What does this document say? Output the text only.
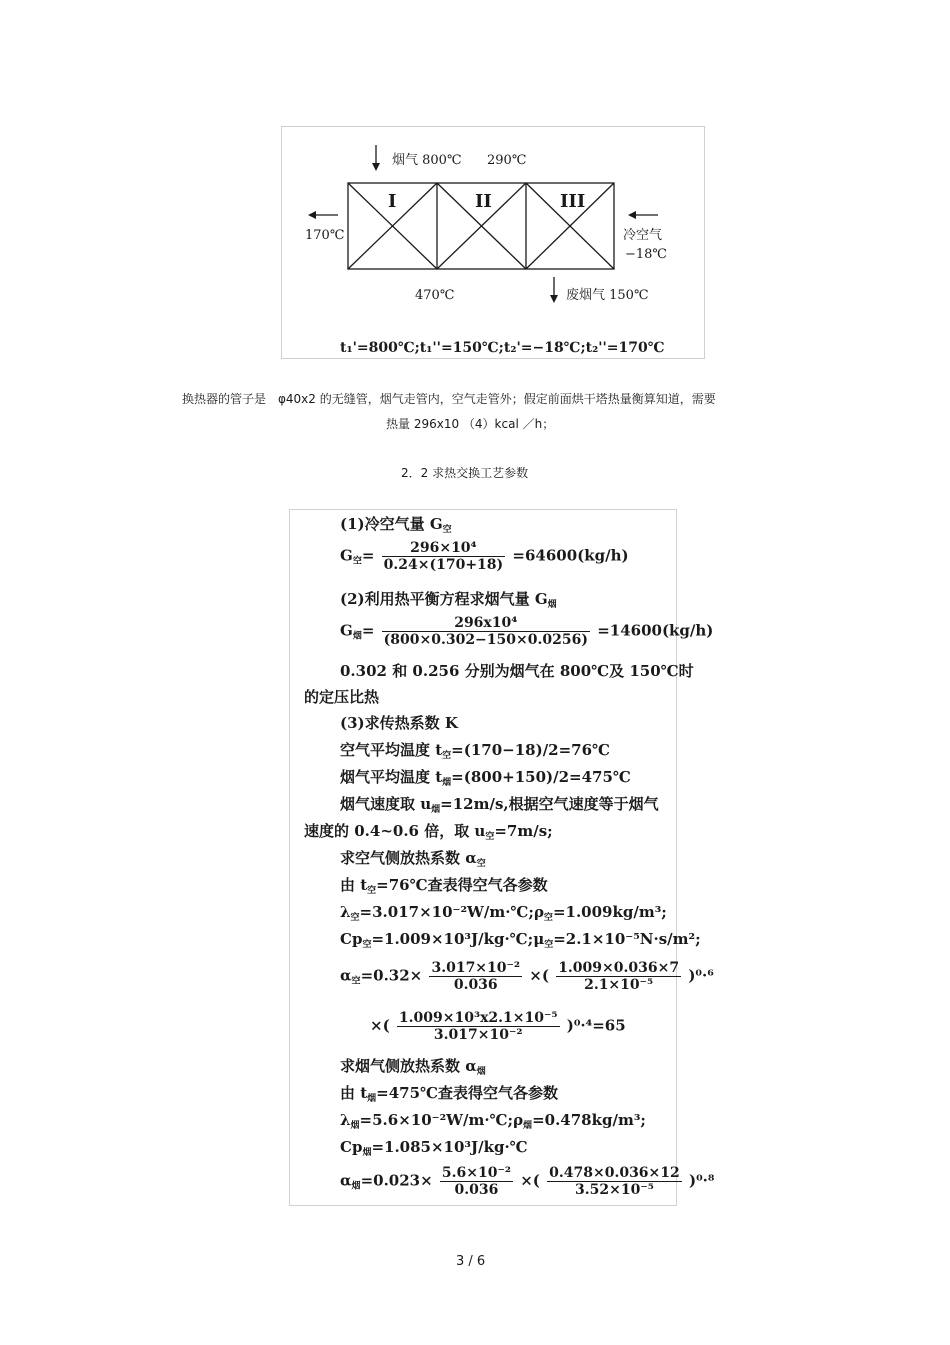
烟气 800℃ 290℃
I	II	III
170℃	冷空气
−18℃
470℃	废烟气 150℃
t₁'=800℃;t₁''=150℃;t₂'=−18℃;t₂''=170℃
换热器的管子是　φ40x2 的无缝管，烟气走管内，空气走管外；假定前面烘干塔热量衡算知道，需要
热量 296x10 （4）kcal ／h；
2．2 求热交换工艺参数
(1)冷空气量 $G_空$
$G_空= \frac{\text{296×10⁴}}{0.24\times(170+18)} =64600(kg/h)$
(2)利用热平衡方程求烟气量 $G_烟$
$G_烟= \frac{\text{296x10⁴}}{(800\times 0.302-150\times 0.0256)} =14600(kg/h)$
0.302 和 0.256 分别为烟气在 800℃及 150℃时
的定压比热
(3)求传热系数 K
空气平均温度 $t_空=(170-18)/2=76℃$
烟气平均温度 $t_烟=(800+150)/2=475℃$
烟气速度取 $u_烟=12m/s$,根据空气速度等于烟气
速度的 0.4~0.6 倍，取 $u_空=7m/s$;
求空气侧放热系数 $\alpha_空$
由 $t_空=76℃$查表得空气各参数
$\lambda_空=3.017\times 10^{-2}W/m\cdot℃;\rho_空=1.009kg/m^3$;
$Cp_空=1.009\times 10^3J/kg\cdot℃;\mu_空=2.1\times 10^{-5}N\cdot s/m^2$;
$\alpha_空=0.32\times \frac{\text{3.017×10⁻²}}{0.036}$ ×( $\frac{1.009\times 0.036\times 7}{\text{2.1×10⁻⁵}} )^0\cdot^6$
×( $\frac{\text{1.009×10³x2.1×10⁻⁵}}{\text{3.017×10⁻²}} )^0\cdot^4=65$
求烟气侧放热系数 $\alpha_烟$
由 $t_烟=475℃$查表得空气各参数
$\lambda_烟=5.6\times 10^{-2}W/m\cdot℃;\rho_烟=0.478kg/m^3$;
$Cp_烟=1.085\times 10^3J/kg\cdot℃$
$\alpha_烟=0.023\times \frac{\text{5.6×10⁻²}}{0.036}$ ×( $\frac{0.478\times 0.036\times 12}{\text{3.52×10⁻⁵}} )^0\cdot^8$
3 / 6
